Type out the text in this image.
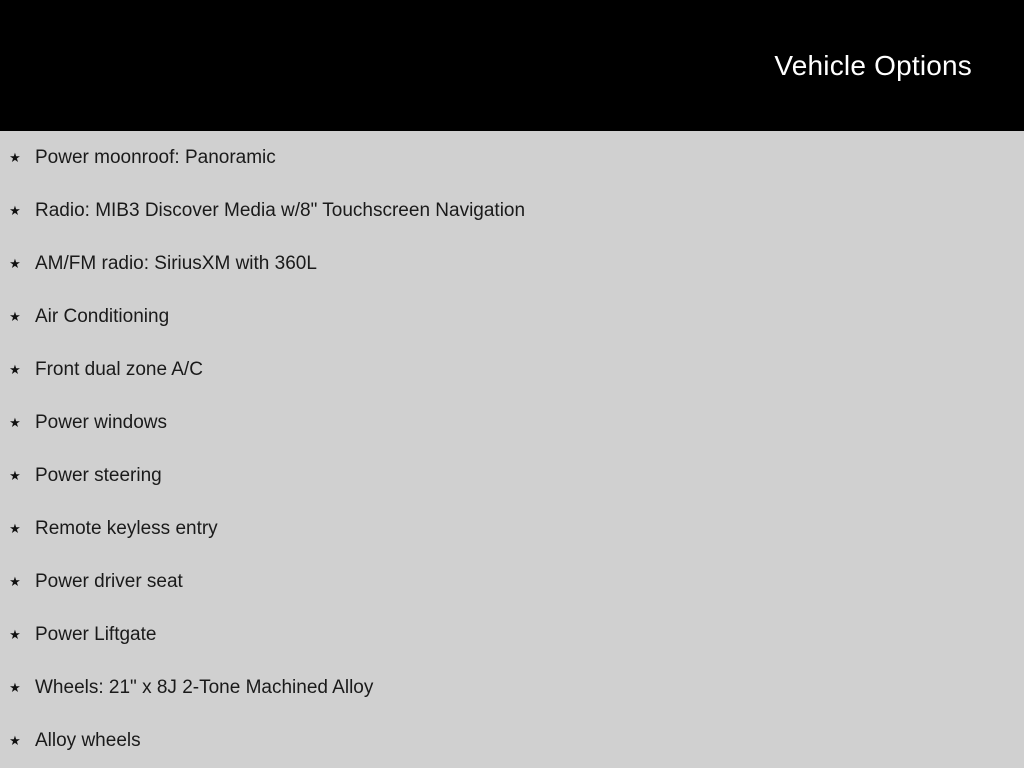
Vehicle Options
★ Power moonroof: Panoramic
★ Radio: MIB3 Discover Media w/8" Touchscreen Navigation
★ AM/FM radio: SiriusXM with 360L
★ Air Conditioning
★ Front dual zone A/C
★ Power windows
★ Power steering
★ Remote keyless entry
★ Power driver seat
★ Power Liftgate
★ Wheels: 21" x 8J 2-Tone Machined Alloy
★ Alloy wheels
